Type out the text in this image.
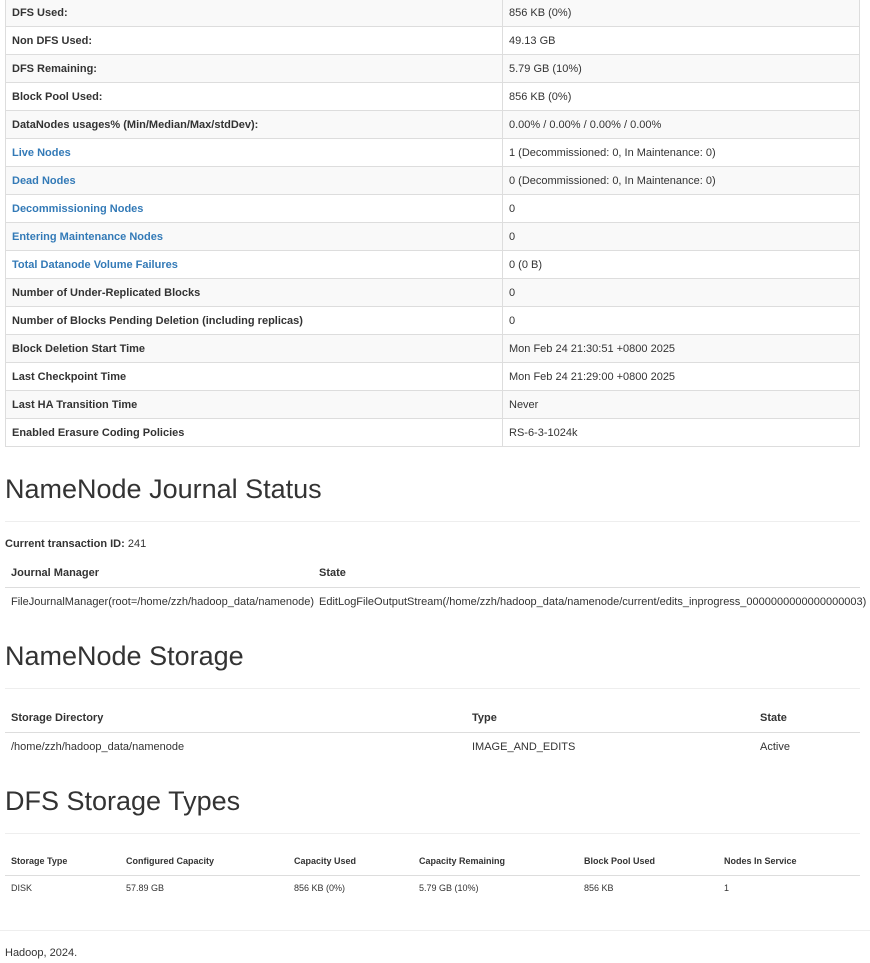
DFS Used:	856 KB (0%)
Non DFS Used:	49.13 GB
DFS Remaining:	5.79 GB (10%)
Block Pool Used:	856 KB (0%)
DataNodes usages% (Min/Median/Max/stdDev):	0.00% / 0.00% / 0.00% / 0.00%
Live Nodes	1 (Decommissioned: 0, In Maintenance: 0)
Dead Nodes	0 (Decommissioned: 0, In Maintenance: 0)
Decommissioning Nodes	0
Entering Maintenance Nodes	0
Total Datanode Volume Failures	0 (0 B)
Number of Under-Replicated Blocks	0
Number of Blocks Pending Deletion (including replicas)	0
Block Deletion Start Time	Mon Feb 24 21:30:51 +0800 2025
Last Checkpoint Time	Mon Feb 24 21:29:00 +0800 2025
Last HA Transition Time	Never
Enabled Erasure Coding Policies	RS-6-3-1024k
NameNode Journal Status
Current transaction ID: 241
Journal Manager	State
FileJournalManager(root=/home/zzh/hadoop_data/namenode)	EditLogFileOutputStream(/home/zzh/hadoop_data/namenode/current/edits_inprogress_0000000000000000003)
NameNode Storage
Storage Directory	Type	State
/home/zzh/hadoop_data/namenode	IMAGE_AND_EDITS	Active
DFS Storage Types
Storage Type	Configured Capacity	Capacity Used	Capacity Remaining	Block Pool Used	Nodes In Service
DISK	57.89 GB	856 KB (0%)	5.79 GB (10%)	856 KB	1
Hadoop, 2024.
